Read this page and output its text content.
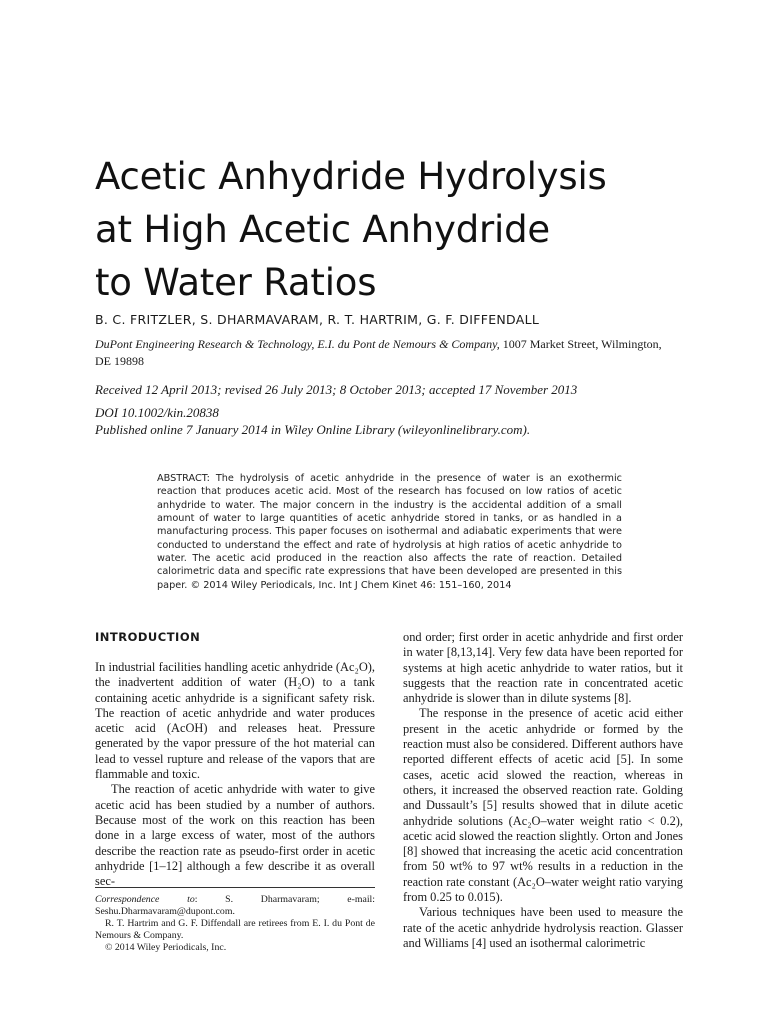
Acetic Anhydride Hydrolysis
at High Acetic Anhydride
to Water Ratios
B. C. FRITZLER, S. DHARMAVARAM, R. T. HARTRIM, G. F. DIFFENDALL
DuPont Engineering Research & Technology, E.I. du Pont de Nemours & Company, 1007 Market Street, Wilmington, DE 19898
Received 12 April 2013; revised 26 July 2013; 8 October 2013; accepted 17 November 2013
DOI 10.1002/kin.20838
Published online 7 January 2014 in Wiley Online Library (wileyonlinelibrary.com).
ABSTRACT: The hydrolysis of acetic anhydride in the presence of water is an exothermic reaction that produces acetic acid. Most of the research has focused on low ratios of acetic anhydride to water. The major concern in the industry is the accidental addition of a small amount of water to large quantities of acetic anhydride stored in tanks, or as handled in a manufacturing process. This paper focuses on isothermal and adiabatic experiments that were conducted to understand the effect and rate of hydrolysis at high ratios of acetic anhydride to water. The acetic acid produced in the reaction also affects the rate of reaction. Detailed calorimetric data and specific rate expressions that have been developed are presented in this paper. © 2014 Wiley Periodicals, Inc. Int J Chem Kinet 46: 151–160, 2014
INTRODUCTION

In industrial facilities handling acetic anhydride (Ac₂O), the inadvertent addition of water (H₂O) to a tank containing acetic anhydride is a significant safety risk. The reaction of acetic anhydride and water produces acetic acid (AcOH) and releases heat. Pressure generated by the vapor pressure of the hot material can lead to vessel rupture and release of the vapors that are flammable and toxic.

The reaction of acetic anhydride with water to give acetic acid has been studied by a number of authors. Because most of the work on this reaction has been done in a large excess of water, most of the authors describe the reaction rate as pseudo-first order in acetic anhydride [1–12] although a few describe it as overall sec-

ond order; first order in acetic anhydride and first order in water [8,13,14]. Very few data have been reported for systems at high acetic anhydride to water ratios, but it suggests that the reaction rate in concentrated acetic anhydride is slower than in dilute systems [8].

The response in the presence of acetic acid either present in the acetic anhydride or formed by the reaction must also be considered. Different authors have reported different effects of acetic acid [5]. In some cases, acetic acid slowed the reaction, whereas in others, it increased the observed reaction rate. Golding and Dussault’s [5] results showed that in dilute acetic anhydride solutions (Ac₂O–water weight ratio < 0.2), acetic acid slowed the reaction slightly. Orton and Jones [8] showed that increasing the acetic acid concentration from 50 wt% to 97 wt% results in a reduction in the reaction rate constant (Ac₂O–water weight ratio varying from 0.25 to 0.015).

Various techniques have been used to measure the rate of the acetic anhydride hydrolysis reaction. Glasser and Williams [4] used an isothermal calorimetric

Correspondence to: S. Dharmavaram; e-mail: Seshu.Dharmavaram@dupont.com.

R. T. Hartrim and G. F. Diffendall are retirees from E. I. du Pont de Nemours & Company.

© 2014 Wiley Periodicals, Inc.
